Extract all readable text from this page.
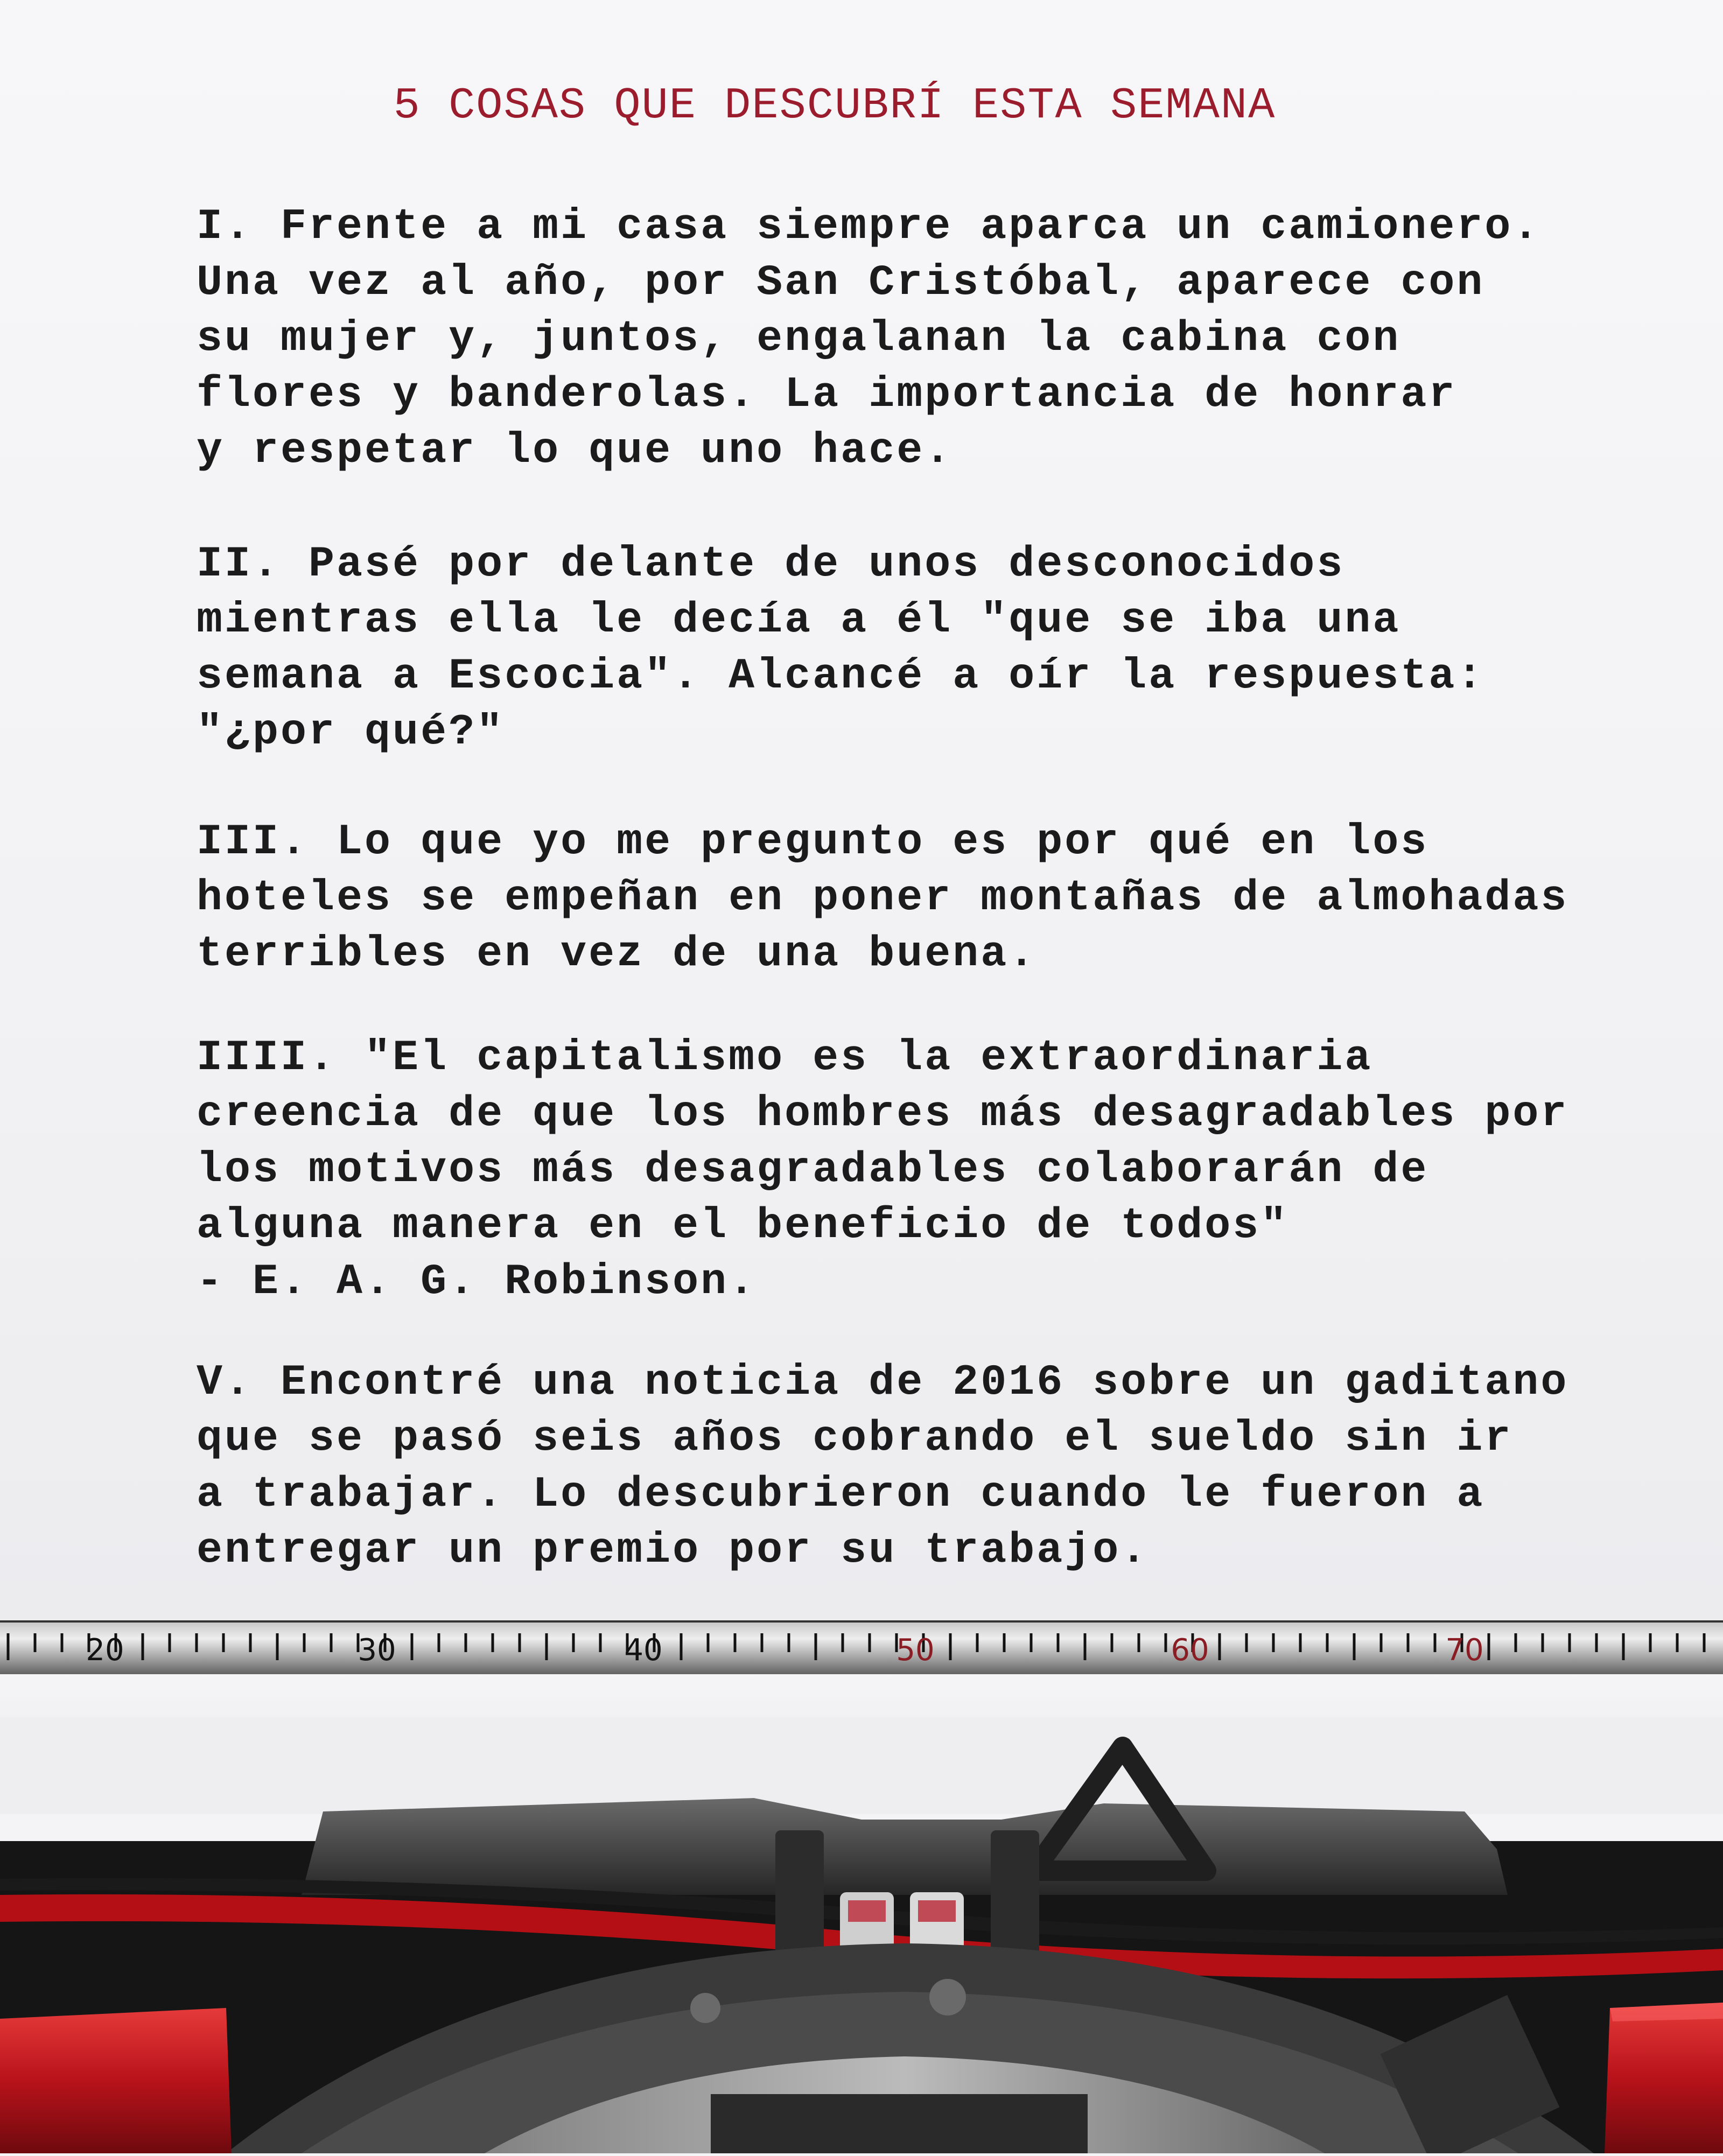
5 COSAS QUE DESCUBRÍ ESTA SEMANA
I. Frente a mi casa siempre aparca un camionero.
Una vez al año, por San Cristóbal, aparece con
su mujer y, juntos, engalanan la cabina con
flores y banderolas. La importancia de honrar
y respetar lo que uno hace.
II. Pasé por delante de unos desconocidos
mientras ella le decía a él "que se iba una
semana a Escocia". Alcancé a oír la respuesta:
"¿por qué?"
III. Lo que yo me pregunto es por qué en los
hoteles se empeñan en poner montañas de almohadas
terribles en vez de una buena.
IIII. "El capitalismo es la extraordinaria
creencia de que los hombres más desagradables por
los motivos más desagradables colaborarán de
alguna manera en el beneficio de todos"
- E. A. G. Robinson.
V. Encontré una noticia de 2016 sobre un gaditano
que se pasó seis años cobrando el sueldo sin ir
a trabajar. Lo descubrieron cuando le fueron a
entregar un premio por su trabajo.
20	30	40	50	60	70
